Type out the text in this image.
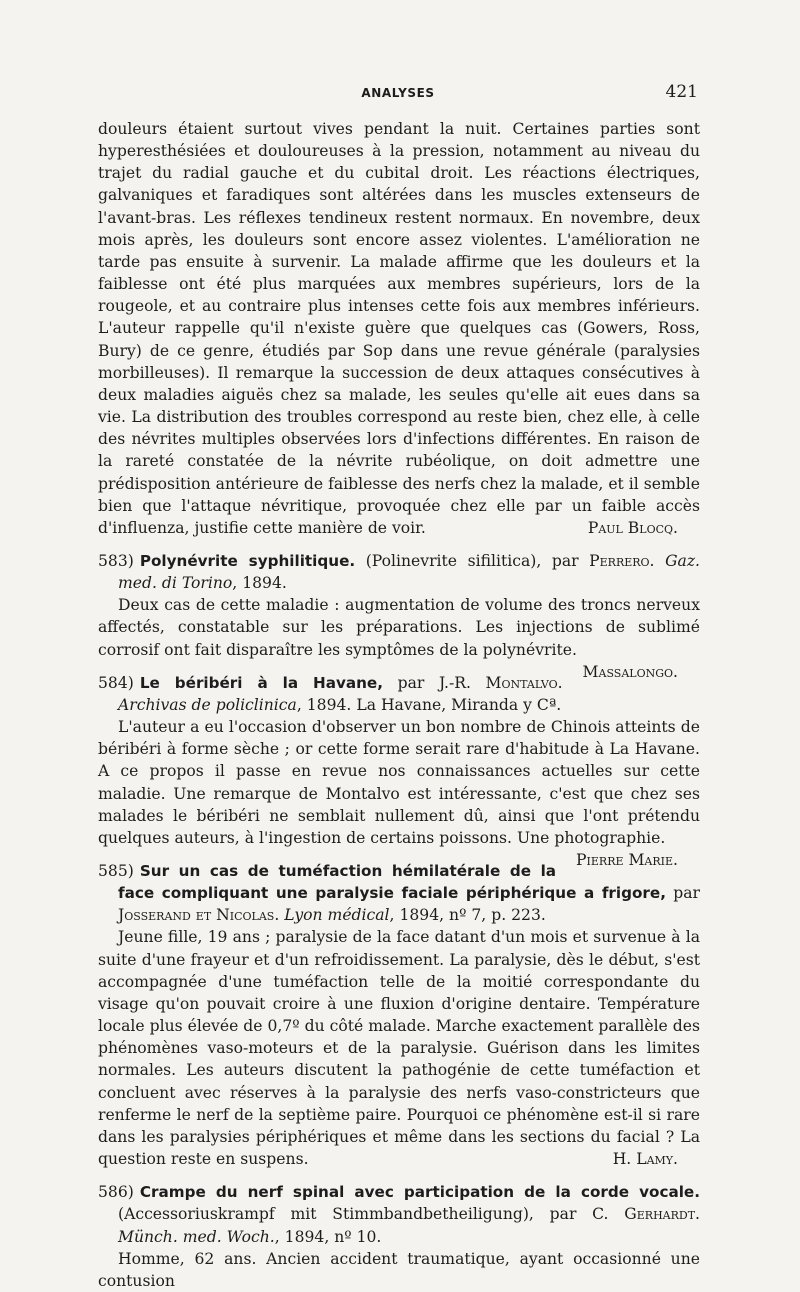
ANALYSES	421

douleurs étaient surtout vives pendant la nuit. Certaines parties sont hyperesthésiées et douloureuses à la pression, notamment au niveau du trajet du radial gauche et du cubital droit. Les réactions électriques, galvaniques et faradiques sont altérées dans les muscles extenseurs de l'avant-bras. Les réflexes tendineux restent normaux. En novembre, deux mois après, les douleurs sont encore assez violentes. L'amélioration ne tarde pas ensuite à survenir. La malade affirme que les douleurs et la faiblesse ont été plus marquées aux membres supérieurs, lors de la rougeole, et au contraire plus intenses cette fois aux membres inférieurs. L'auteur rappelle qu'il n'existe guère que quelques cas (Gowers, Ross, Bury) de ce genre, étudiés par Sop dans une revue générale (paralysies morbilleuses). Il remarque la succession de deux attaques consécutives à deux maladies aiguës chez sa malade, les seules qu'elle ait eues dans sa vie. La distribution des troubles correspond au reste bien, chez elle, à celle des névrites multiples observées lors d'infections différentes. En raison de la rareté constatée de la névrite rubéolique, on doit admettre une prédisposition antérieure de faiblesse des nerfs chez la malade, et il semble bien que l'attaque névritique, provoquée chez elle par un faible accès d'influenza, justifie cette manière de voir.	Paul Blocq.

583) Polynévrite syphilitique. (Polinevrite sifilitica), par Perrero. Gaz. med. di Torino, 1894.

Deux cas de cette maladie : augmentation de volume des troncs nerveux affectés, constatable sur les préparations. Les injections de sublimé corrosif ont fait disparaître les symptômes de la polynévrite.
Massalongo.

584) Le béribéri à la Havane, par J.-R. Montalvo. Archivas de policlinica, 1894. La Havane, Miranda y Cª.

L'auteur a eu l'occasion d'observer un bon nombre de Chinois atteints de béribéri à forme sèche ; or cette forme serait rare d'habitude à La Havane. A ce propos il passe en revue nos connaissances actuelles sur cette maladie. Une remarque de Montalvo est intéressante, c'est que chez ses malades le béribéri ne semblait nullement dû, ainsi que l'ont prétendu quelques auteurs, à l'ingestion de certains poissons. Une photographie.
Pierre Marie.

585) Sur un cas de tuméfaction hémilatérale de la face compliquant une paralysie faciale périphérique a frigore, par Josserand et Nicolas. Lyon médical, 1894, nº 7, p. 223.

Jeune fille, 19 ans ; paralysie de la face datant d'un mois et survenue à la suite d'une frayeur et d'un refroidissement. La paralysie, dès le début, s'est accompagnée d'une tuméfaction telle de la moitié correspondante du visage qu'on pouvait croire à une fluxion d'origine dentaire. Température locale plus élevée de 0,7º du côté malade. Marche exactement parallèle des phénomènes vaso-moteurs et de la paralysie. Guérison dans les limites normales. Les auteurs discutent la pathogénie de cette tuméfaction et concluent avec réserves à la paralysie des nerfs vaso-constricteurs que renferme le nerf de la septième paire. Pourquoi ce phénomène est-il si rare dans les paralysies périphériques et même dans les sections du facial ? La question reste en suspens.	H. Lamy.

586) Crampe du nerf spinal avec participation de la corde vocale. (Accessoriuskrampf mit Stimmbandbetheiligung), par C. Gerhardt. Münch. med. Woch., 1894, nº 10.

Homme, 62 ans. Ancien accident traumatique, ayant occasionné une contusion
